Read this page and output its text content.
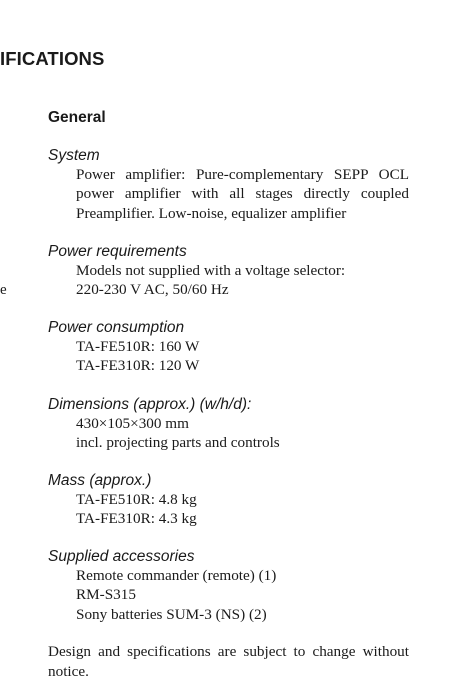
IFICATIONS
e
General
System
Power amplifier: Pure-complementary SEPP OCL
power amplifier with all stages directly coupled
Preamplifier. Low-noise, equalizer amplifier
Power requirements
Models not supplied with a voltage selector:
220-230 V AC, 50/60 Hz
Power consumption
TA-FE510R: 160 W
TA-FE310R: 120 W
Dimensions (approx.) (w/h/d):
430×105×300 mm
incl. projecting parts and controls
Mass (approx.)
TA-FE510R: 4.8 kg
TA-FE310R: 4.3 kg
Supplied accessories
Remote commander (remote) (1)
RM-S315
Sony batteries SUM-3 (NS) (2)
Design and specifications are subject to change without
notice.
